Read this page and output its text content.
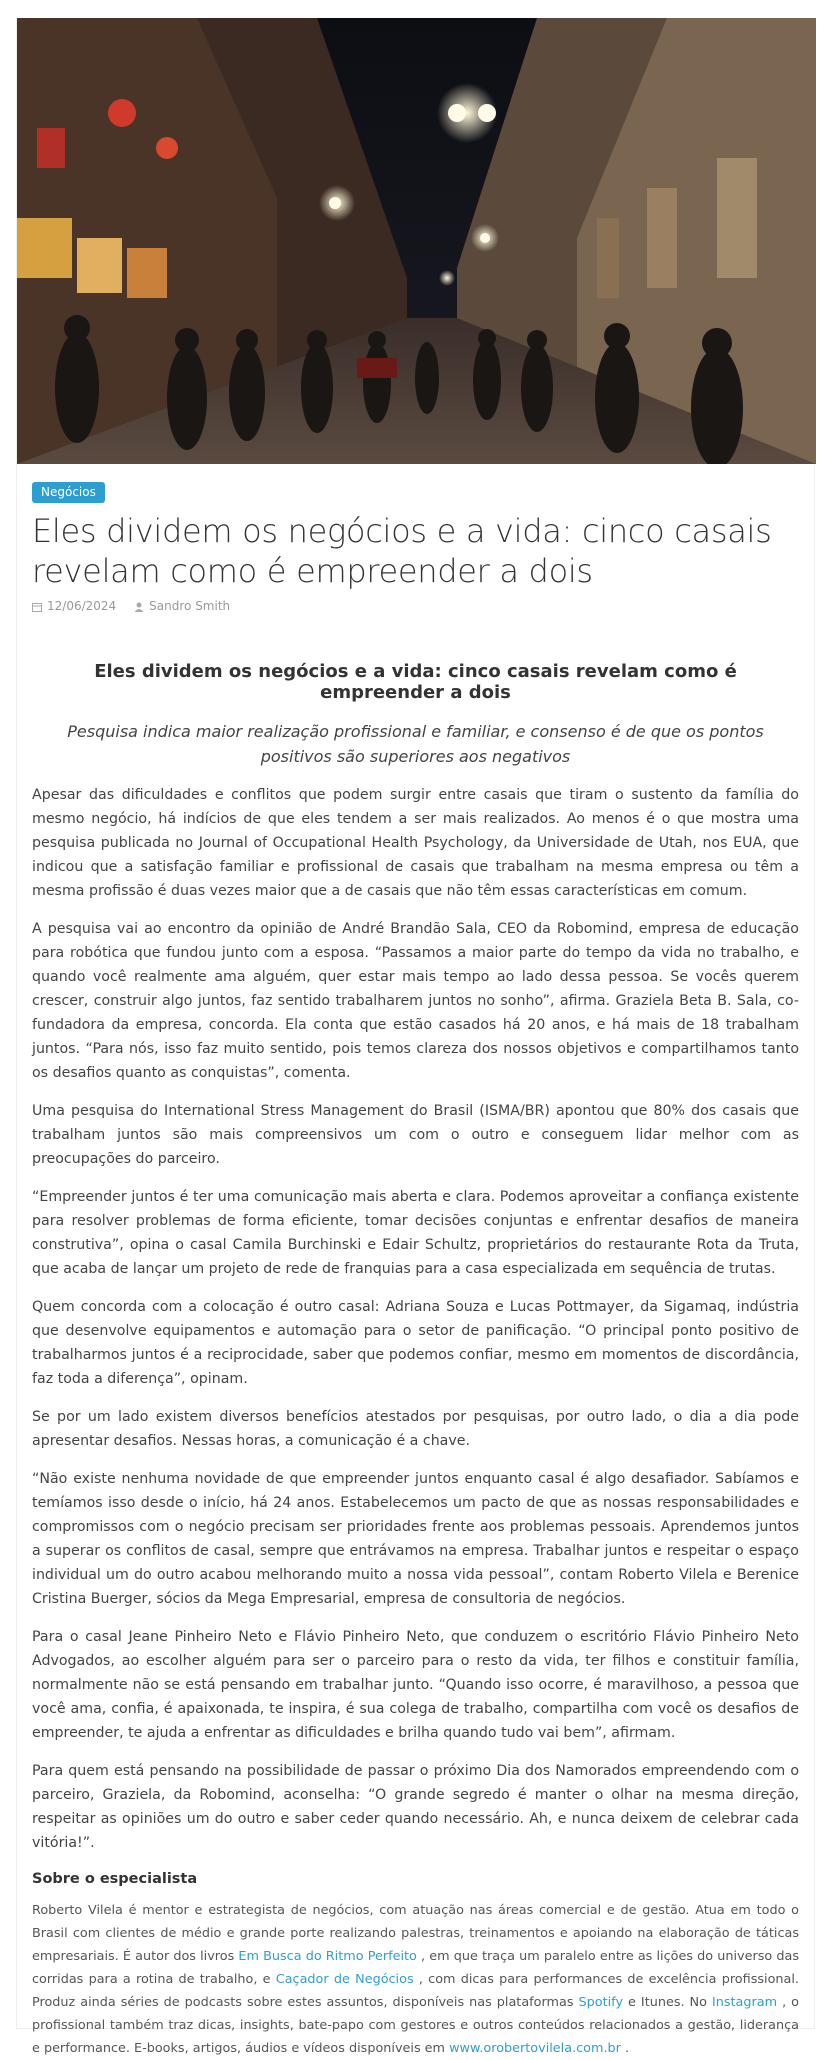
Negócios
Eles dividem os negócios e a vida: cinco casais revelam como é empreender a dois
12/06/2024	Sandro Smith
Eles dividem os negócios e a vida: cinco casais revelam como é empreender a dois

Pesquisa indica maior realização profissional e familiar, e consenso é de que os pontos positivos são superiores aos negativos

Apesar das dificuldades e conflitos que podem surgir entre casais que tiram o sustento da família do mesmo negócio, há indícios de que eles tendem a ser mais realizados. Ao menos é o que mostra uma pesquisa publicada no Journal of Occupational Health Psychology, da Universidade de Utah, nos EUA, que indicou que a satisfação familiar e profissional de casais que trabalham na mesma empresa ou têm a mesma profissão é duas vezes maior que a de casais que não têm essas características em comum.

A pesquisa vai ao encontro da opinião de André Brandão Sala, CEO da Robomind, empresa de educação para robótica que fundou junto com a esposa. “Passamos a maior parte do tempo da vida no trabalho, e quando você realmente ama alguém, quer estar mais tempo ao lado dessa pessoa. Se vocês querem crescer, construir algo juntos, faz sentido trabalharem juntos no sonho”, afirma. Graziela Beta B. Sala, co-fundadora da empresa, concorda. Ela conta que estão casados há 20 anos, e há mais de 18 trabalham juntos. “Para nós, isso faz muito sentido, pois temos clareza dos nossos objetivos e compartilhamos tanto os desafios quanto as conquistas”, comenta.

Uma pesquisa do International Stress Management do Brasil (ISMA/BR) apontou que 80% dos casais que trabalham juntos são mais compreensivos um com o outro e conseguem lidar melhor com as preocupações do parceiro.

“Empreender juntos é ter uma comunicação mais aberta e clara. Podemos aproveitar a confiança existente para resolver problemas de forma eficiente, tomar decisões conjuntas e enfrentar desafios de maneira construtiva”, opina o casal Camila Burchinski e Edair Schultz, proprietários do restaurante Rota da Truta, que acaba de lançar um projeto de rede de franquias para a casa especializada em sequência de trutas.

Quem concorda com a colocação é outro casal: Adriana Souza e Lucas Pottmayer, da Sigamaq, indústria que desenvolve equipamentos e automação para o setor de panificação. “O principal ponto positivo de trabalharmos juntos é a reciprocidade, saber que podemos confiar, mesmo em momentos de discordância, faz toda a diferença”, opinam.

Se por um lado existem diversos benefícios atestados por pesquisas, por outro lado, o dia a dia pode apresentar desafios. Nessas horas, a comunicação é a chave.

“Não existe nenhuma novidade de que empreender juntos enquanto casal é algo desafiador. Sabíamos e temíamos isso desde o início, há 24 anos. Estabelecemos um pacto de que as nossas responsabilidades e compromissos com o negócio precisam ser prioridades frente aos problemas pessoais. Aprendemos juntos a superar os conflitos de casal, sempre que entrávamos na empresa. Trabalhar juntos e respeitar o espaço individual um do outro acabou melhorando muito a nossa vida pessoal”, contam Roberto Vilela e Berenice Cristina Buerger, sócios da Mega Empresarial, empresa de consultoria de negócios.

Para o casal Jeane Pinheiro Neto e Flávio Pinheiro Neto, que conduzem o escritório Flávio Pinheiro Neto Advogados, ao escolher alguém para ser o parceiro para o resto da vida, ter filhos e constituir família, normalmente não se está pensando em trabalhar junto. “Quando isso ocorre, é maravilhoso, a pessoa que você ama, confia, é apaixonada, te inspira, é sua colega de trabalho, compartilha com você os desafios de empreender, te ajuda a enfrentar as dificuldades e brilha quando tudo vai bem”, afirmam.

Para quem está pensando na possibilidade de passar o próximo Dia dos Namorados empreendendo com o parceiro, Graziela, da Robomind, aconselha: “O grande segredo é manter o olhar na mesma direção, respeitar as opiniões um do outro e saber ceder quando necessário. Ah, e nunca deixem de celebrar cada vitória!”.

Sobre o especialista

Roberto Vilela é mentor e estrategista de negócios, com atuação nas áreas comercial e de gestão. Atua em todo o Brasil com clientes de médio e grande porte realizando palestras, treinamentos e apoiando na elaboração de táticas empresariais. É autor dos livros Em Busca do Ritmo Perfeito , em que traça um paralelo entre as lições do universo das corridas para a rotina de trabalho, e Caçador de Negócios , com dicas para performances de excelência profissional. Produz ainda séries de podcasts sobre estes assuntos, disponíveis nas plataformas Spotify e Itunes. No Instagram , o profissional também traz dicas, insights, bate-papo com gestores e outros conteúdos relacionados a gestão, liderança e performance. E-books, artigos, áudios e vídeos disponíveis em www.orobertovilela.com.br .
